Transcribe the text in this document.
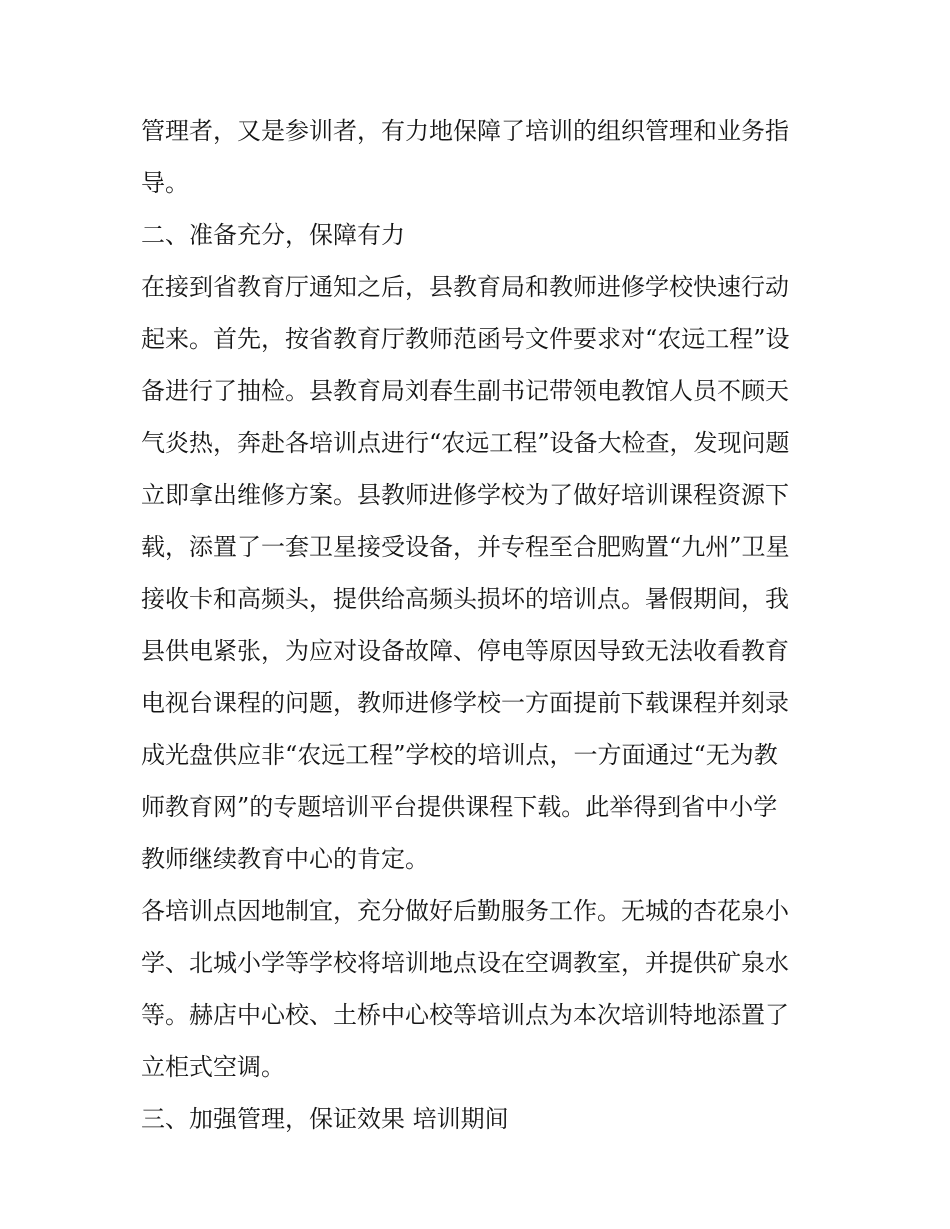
管理者，又是参训者，有力地保障了培训的组织管理和业务指
导。
二、准备充分，保障有力
在接到省教育厅通知之后，县教育局和教师进修学校快速行动
起来。首先，按省教育厅教师范函号文件要求对“农远工程”设
备进行了抽检。县教育局刘春生副书记带领电教馆人员不顾天
气炎热，奔赴各培训点进行“农远工程”设备大检查，发现问题
立即拿出维修方案。县教师进修学校为了做好培训课程资源下
载，添置了一套卫星接受设备，并专程至合肥购置“九州”卫星
接收卡和高频头，提供给高频头损坏的培训点。暑假期间，我
县供电紧张，为应对设备故障、停电等原因导致无法收看教育
电视台课程的问题，教师进修学校一方面提前下载课程并刻录
成光盘供应非“农远工程”学校的培训点，一方面通过“无为教
师教育网”的专题培训平台提供课程下载。此举得到省中小学
教师继续教育中心的肯定。
各培训点因地制宜，充分做好后勤服务工作。无城的杏花泉小
学、北城小学等学校将培训地点设在空调教室，并提供矿泉水
等。赫店中心校、土桥中心校等培训点为本次培训特地添置了
立柜式空调。
三、加强管理，保证效果 培训期间
